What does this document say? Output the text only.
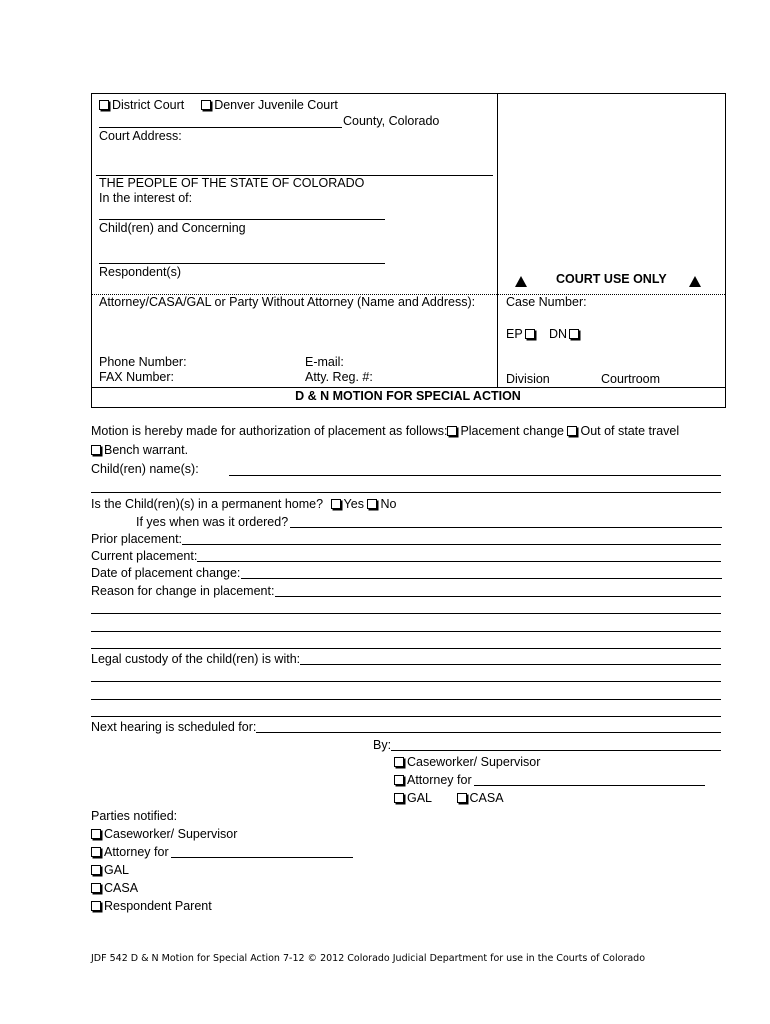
District Court Denver Juvenile Court
County, Colorado
Court Address:
THE PEOPLE OF THE STATE OF COLORADO
In the interest of:
Child(ren) and Concerning
Respondent(s)	COURT USE ONLY
Attorney/CASA/GAL or Party Without Attorney (Name and Address): Case Number:
EP	DN
Phone Number:	E-mail:
FAX Number:	Atty. Reg. #:	Division	Courtroom
D & N MOTION FOR SPECIAL ACTION
Motion is hereby made for authorization of placement as follows: Placement change Out of state travel
Bench warrant.
Child(ren) name(s):
Is the Child(ren)(s) in a permanent home? Yes No
If yes when was it ordered?
Prior placement:
Current placement:
Date of placement change:
Reason for change in placement:
Legal custody of the child(ren) is with:
Next hearing is scheduled for:
By:
Caseworker/ Supervisor
Attorney for
GAL	CASA
Parties notified:
Caseworker/ Supervisor
Attorney for
GAL
CASA
Respondent Parent
JDF 542 D & N Motion for Special Action 7-12 © 2012 Colorado Judicial Department for use in the Courts of Colorado
